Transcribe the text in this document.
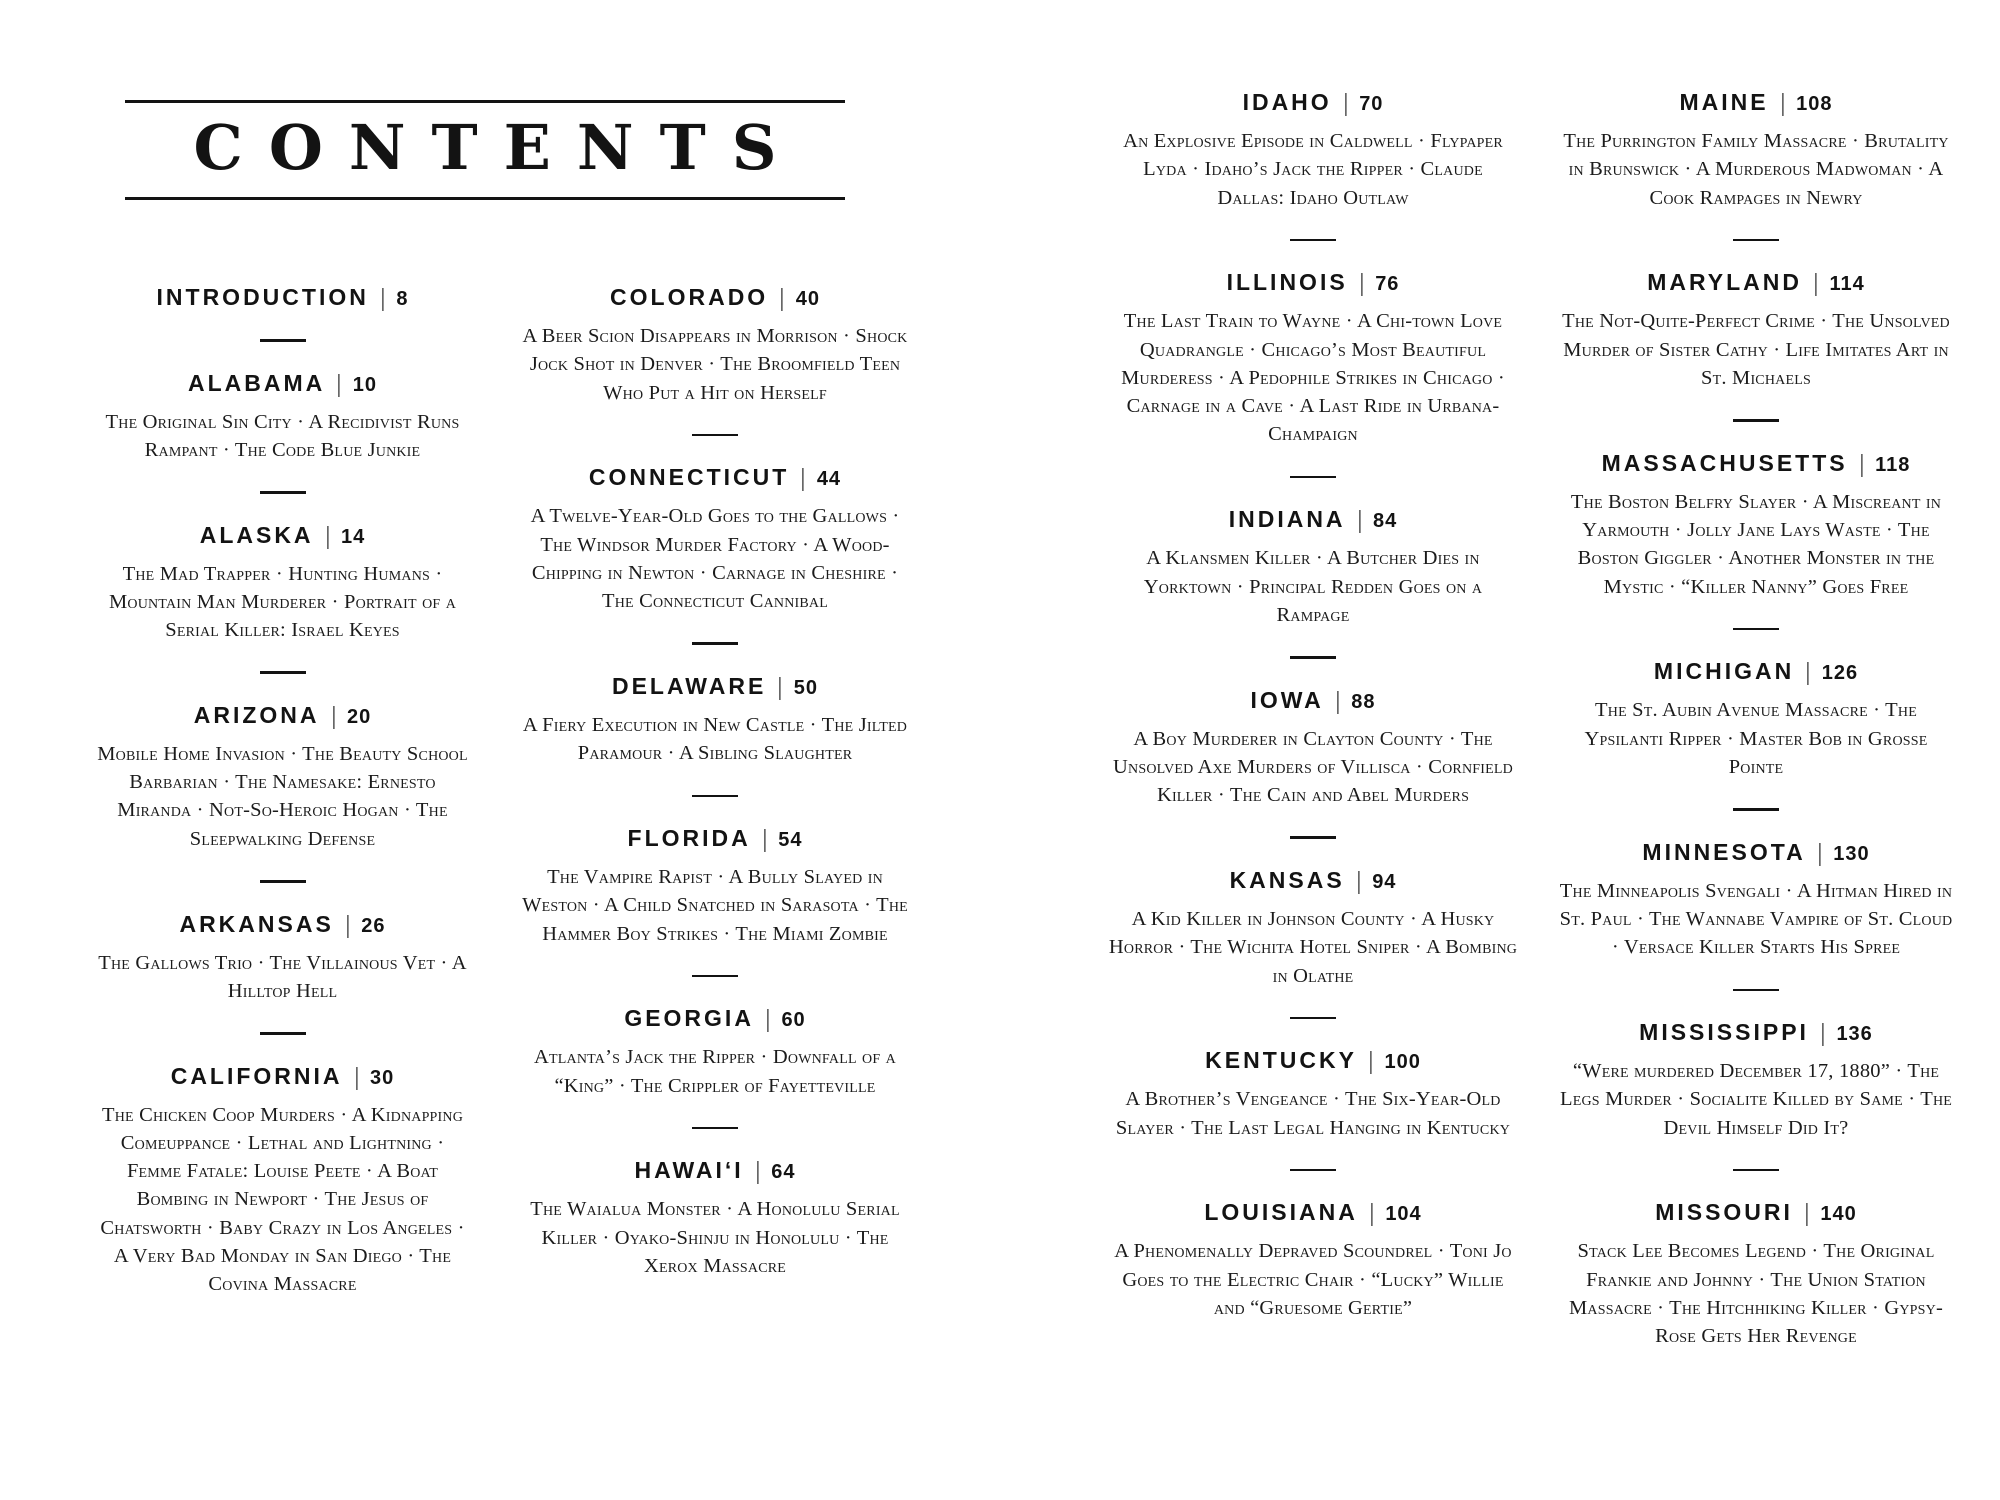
CONTENTS
INTRODUCTION | 8
ALABAMA | 10

The Original Sin City · A Recidivist Runs Rampant · The Code Blue Junkie

ALASKA | 14

The Mad Trapper · Hunting Humans · Mountain Man Murderer · Portrait of a Serial Killer: Israel Keyes

ARIZONA | 20

Mobile Home Invasion · The Beauty School Barbarian · The Namesake: Ernesto Miranda · Not-So-Heroic Hogan · The Sleepwalking Defense

ARKANSAS | 26

The Gallows Trio · The Villainous Vet · A Hilltop Hell

CALIFORNIA | 30

The Chicken Coop Murders · A Kidnapping Comeuppance · Lethal and Lightning · Femme Fatale: Louise Peete · A Boat Bombing in Newport · The Jesus of Chatsworth · Baby Crazy in Los Angeles · A Very Bad Monday in San Diego · The Covina Massacre

COLORADO | 40

A Beer Scion Disappears in Morrison · Shock Jock Shot in Denver · The Broomfield Teen Who Put a Hit on Herself

CONNECTICUT | 44

A Twelve-Year-Old Goes to the Gallows · The Windsor Murder Factory · A Wood-Chipping in Newton · Carnage in Cheshire · The Connecticut Cannibal

DELAWARE | 50

A Fiery Execution in New Castle · The Jilted Paramour · A Sibling Slaughter

FLORIDA | 54

The Vampire Rapist · A Bully Slayed in Weston · A Child Snatched in Sarasota · The Hammer Boy Strikes · The Miami Zombie

GEORGIA | 60

Atlanta’s Jack the Ripper · Downfall of a “King” · The Crippler of Fayetteville

HAWAI‘I | 64

The Waialua Monster · A Honolulu Serial Killer · Oyako-Shinju in Honolulu · The Xerox Massacre

IDAHO | 70

An Explosive Episode in Caldwell · Flypaper Lyda · Idaho’s Jack the Ripper · Claude Dallas: Idaho Outlaw

ILLINOIS | 76

The Last Train to Wayne · A Chi-town Love Quadrangle · Chicago’s Most Beautiful Murderess · A Pedophile Strikes in Chicago · Carnage in a Cave · A Last Ride in Urbana-Champaign

INDIANA | 84

A Klansmen Killer · A Butcher Dies in Yorktown · Principal Redden Goes on a Rampage

IOWA | 88

A Boy Murderer in Clayton County · The Unsolved Axe Murders of Villisca · Cornfield Killer · The Cain and Abel Murders

KANSAS | 94

A Kid Killer in Johnson County · A Husky Horror · The Wichita Hotel Sniper · A Bombing in Olathe

KENTUCKY | 100

A Brother’s Vengeance · The Six-Year-Old Slayer · The Last Legal Hanging in Kentucky

LOUISIANA | 104

A Phenomenally Depraved Scoundrel · Toni Jo Goes to the Electric Chair · “Lucky” Willie and “Gruesome Gertie”

MAINE | 108

The Purrington Family Massacre · Brutality in Brunswick · A Murderous Madwoman · A Cook Rampages in Newry

MARYLAND | 114

The Not-Quite-Perfect Crime · The Unsolved Murder of Sister Cathy · Life Imitates Art in St. Michaels

MASSACHUSETTS | 118

The Boston Belfry Slayer · A Miscreant in Yarmouth · Jolly Jane Lays Waste · The Boston Giggler · Another Monster in the Mystic · “Killer Nanny” Goes Free

MICHIGAN | 126

The St. Aubin Avenue Massacre · The Ypsilanti Ripper · Master Bob in Grosse Pointe

MINNESOTA | 130

The Minneapolis Svengali · A Hitman Hired in St. Paul · The Wannabe Vampire of St. Cloud · Versace Killer Starts His Spree

MISSISSIPPI | 136

“Were murdered December 17, 1880” · The Legs Murder · Socialite Killed by Same · The Devil Himself Did It?

MISSOURI | 140

Stack Lee Becomes Legend · The Original Frankie and Johnny · The Union Station Massacre · The Hitchhiking Killer · Gypsy-Rose Gets Her Revenge
